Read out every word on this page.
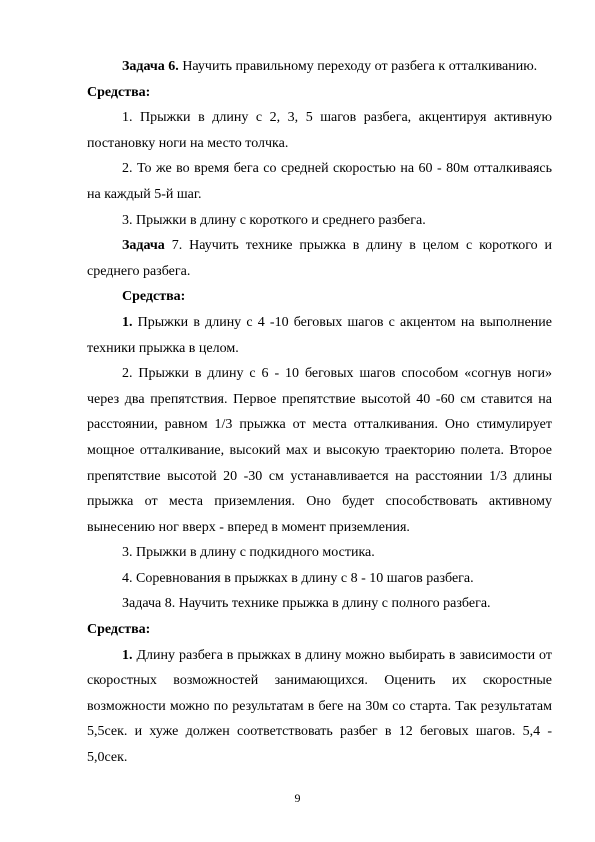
Задача 6. Научить правильному переходу от разбега к отталкиванию.

Средства:

1. Прыжки в длину с 2, 3, 5 шагов разбега, акцентируя активную постановку ноги на место толчка.

2. То же во время бега со средней скоростью на 60 - 80м отталкиваясь на каждый 5-й шаг.

3. Прыжки в длину с короткого и среднего разбега.

Задача 7. Научить технике прыжка в длину в целом с короткого и среднего разбега.

Средства:

1. Прыжки в длину с 4 -10 беговых шагов с акцентом на выполнение техники прыжка в целом.

2. Прыжки в длину с 6 - 10 беговых шагов способом «согнув ноги» через два препятствия. Первое препятствие высотой 40 -60 см ставится на расстоянии, равном 1/3 прыжка от места отталкивания. Оно стимулирует мощное отталкивание, высокий мах и высокую траекторию полета. Второе препятствие высотой 20 -30 см устанавливается на расстоянии 1/3 длины прыжка от места приземления. Оно будет способствовать активному вынесению ног вверх - вперед в момент приземления.

3. Прыжки в длину с подкидного мостика.

4. Соревнования в прыжках в длину с 8 - 10 шагов разбега.

Задача 8. Научить технике прыжка в длину с полного разбега.

Средства:

1. Длину разбега в прыжках в длину можно выбирать в зависимости от скоростных возможностей занимающихся. Оценить их скоростные возможности можно по результатам в беге на 30м со старта. Так результатам 5,5сек. и хуже должен соответствовать разбег в 12 беговых шагов. 5,4 - 5,0сек.

9
